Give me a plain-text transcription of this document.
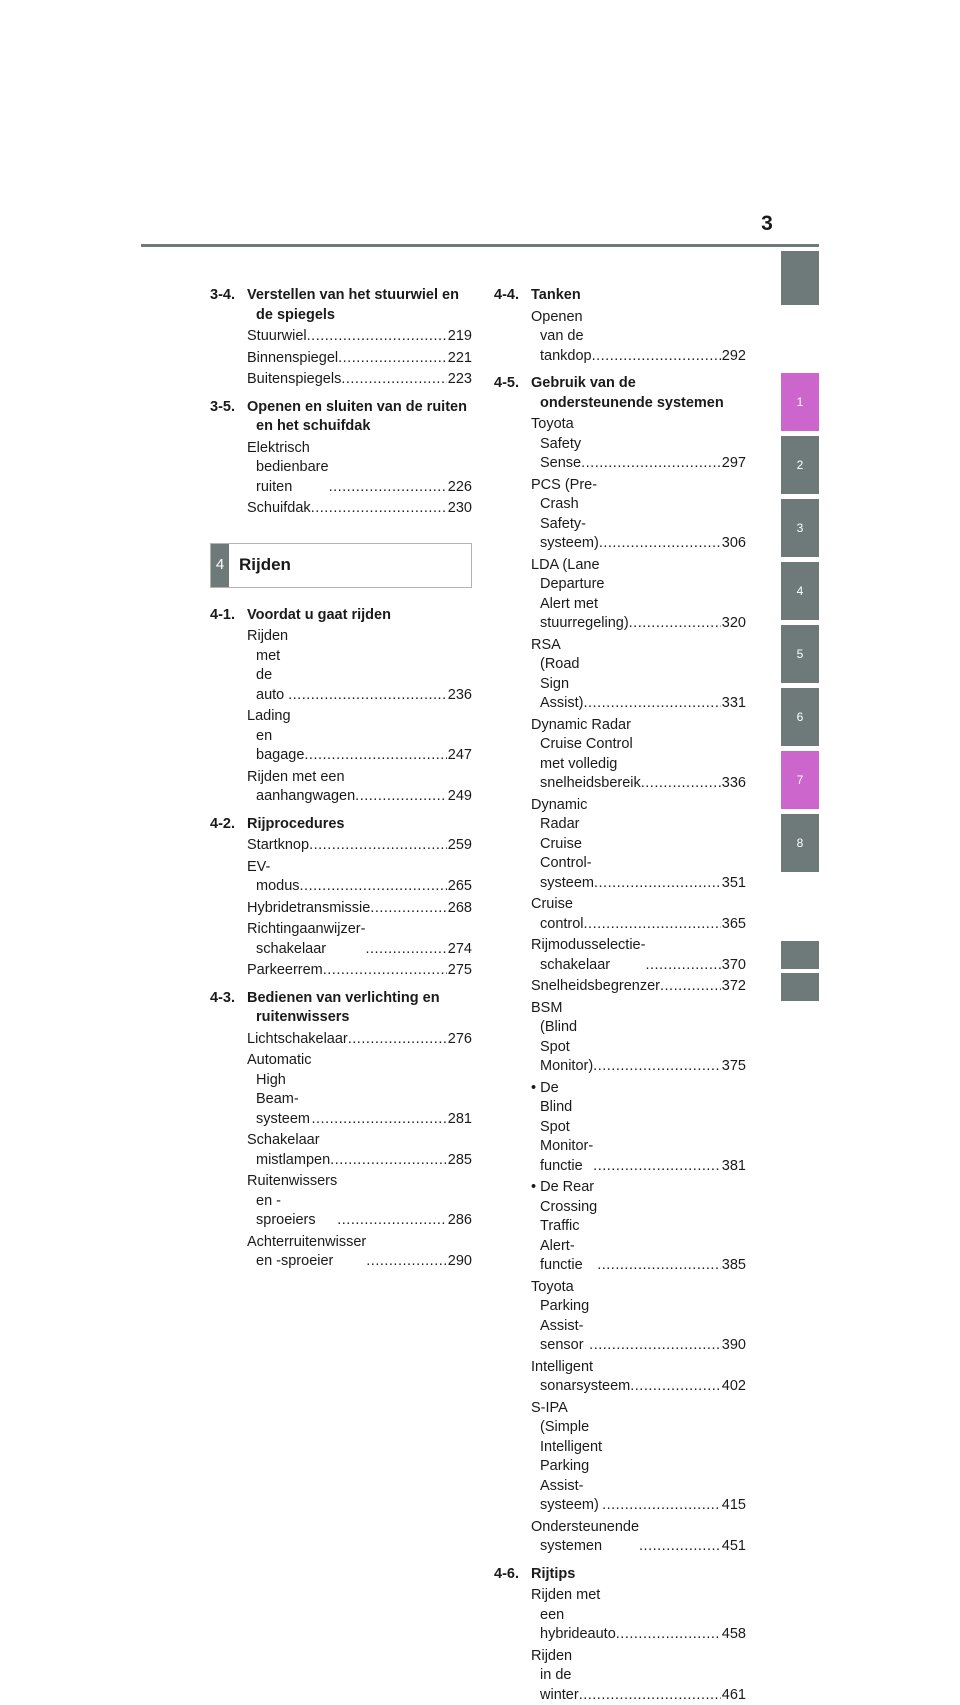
3
1
2
3
4
5
6
7
8
3-4. Verstellen van het stuurwiel en de spiegels
Stuurwiel .....	219
Binnenspiegel .....	221
Buitenspiegels .....	223
3-5. Openen en sluiten van de ruiten en het schuifdak
Elektrisch bedienbare ruiten .....	226
Schuifdak .....	230
4 Rijden
4-1. Voordat u gaat rijden
Rijden met de auto .....	236
Lading en bagage .....	247
Rijden met een aanhangwagen .....	249
4-2. Rijprocedures
Startknop .....	259
EV-modus .....	265
Hybridetransmissie .....	268
Richtingaanwijzer-schakelaar .....	274
Parkeerrem .....	275
4-3. Bedienen van verlichting en ruitenwissers
Lichtschakelaar .....	276
Automatic High Beam-systeem .....	281
Schakelaar mistlampen .....	285
Ruitenwissers en -sproeiers .....	286
Achterruitenwisser en -sproeier .....	290
4-4. Tanken
Openen van de tankdop .....	292
4-5. Gebruik van de ondersteunende systemen
Toyota Safety Sense .....	297
PCS (Pre-Crash Safety-systeem) .....	306
LDA (Lane Departure Alert met stuurregeling) .....	320
RSA (Road Sign Assist) .....	331
Dynamic Radar Cruise Control met volledig snelheidsbereik .....	336
Dynamic Radar Cruise Control-systeem .....	351
Cruise control .....	365
Rijmodusselectie-schakelaar .....	370
Snelheidsbegrenzer .....	372
BSM (Blind Spot Monitor) .....	375
• De Blind Spot Monitor-functie .....	381
• De Rear Crossing Traffic Alert-functie .....	385
Toyota Parking Assist-sensor .....	390
Intelligent sonarsysteem .....	402
S-IPA (Simple Intelligent Parking Assist-systeem) .....	415
Ondersteunende systemen .....	451
4-6. Rijtips
Rijden met een hybrideauto .....	458
Rijden in de winter .....	461
